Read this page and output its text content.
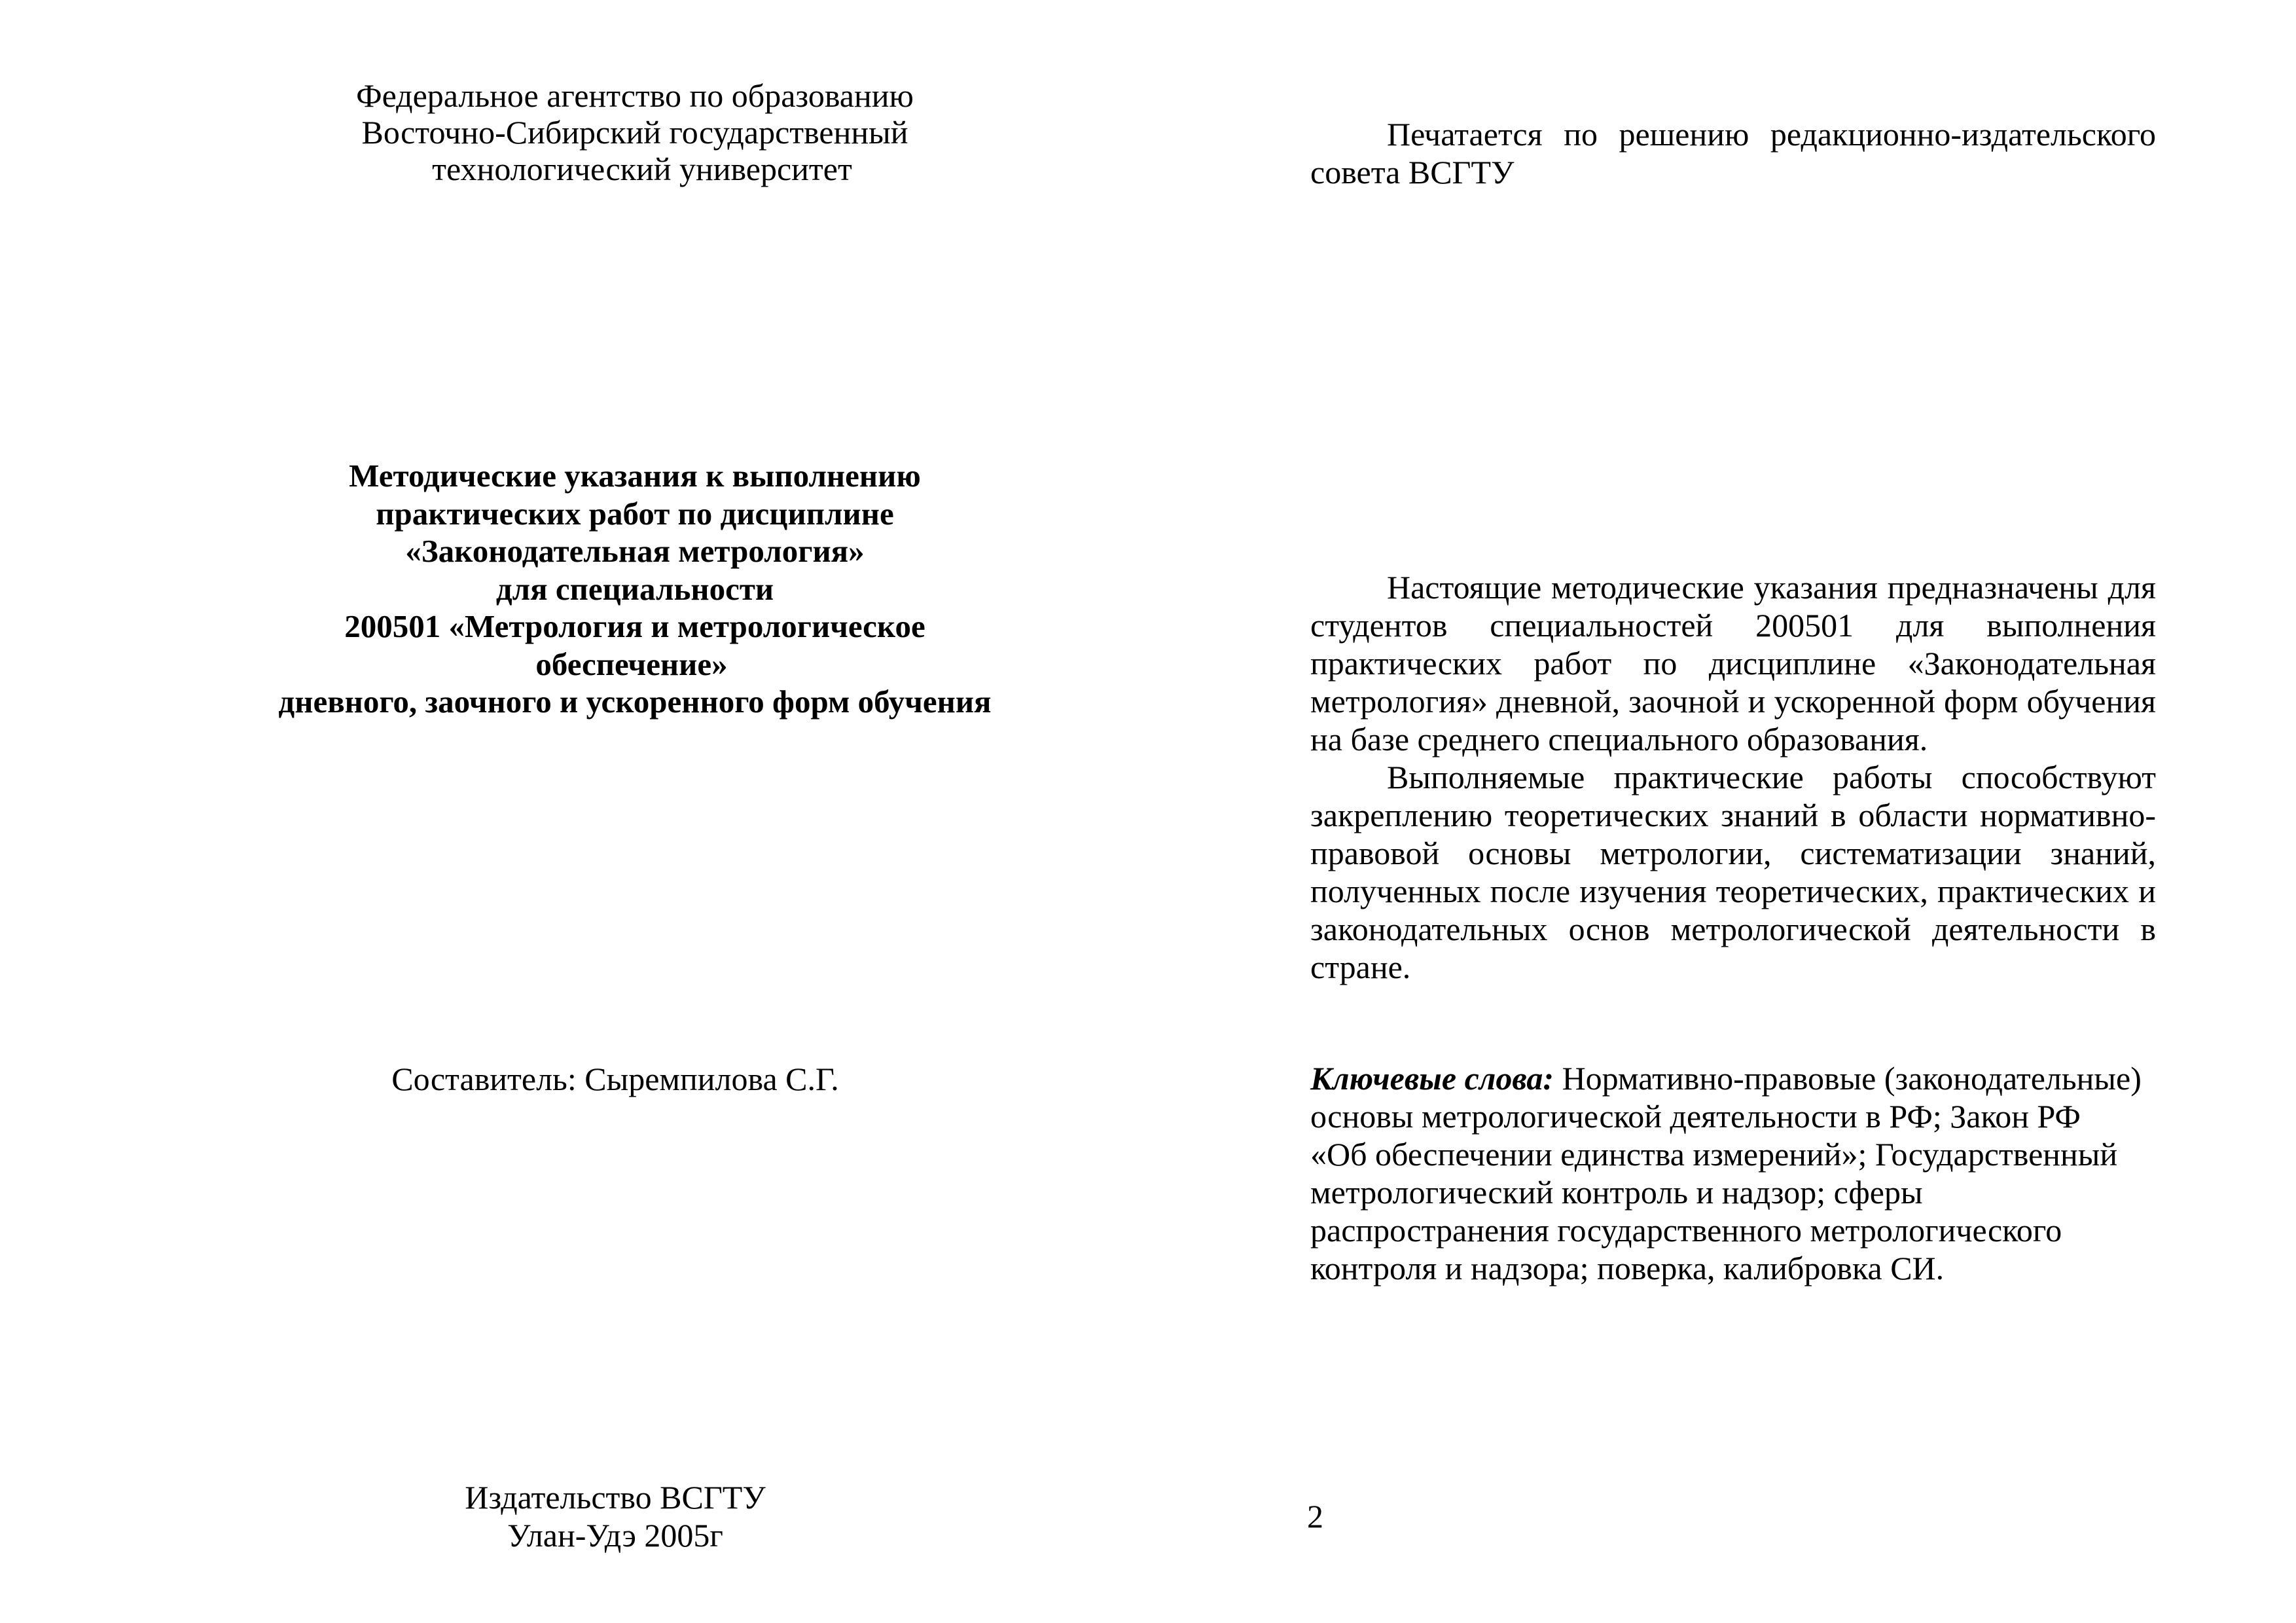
Федеральное агентство по образованию
Восточно-Сибирский государственный
технологический университет
Методические указания к выполнению
практических работ по дисциплине
«Законодательная метрология»
для специальности
200501 «Метрология и метрологическое
обеспечение»
дневного, заочного и ускоренного форм обучения
Составитель: Сыремпилова С.Г.
Издательство ВСГТУ
Улан-Удэ 2005г
Печатается по решению редакционно-издательского совета ВСГТУ

Настоящие методические указания предназначены для студентов специальностей 200501 для выполнения практических работ по дисциплине «Законодательная метрология» дневной, заочной и ускоренной форм обучения на базе среднего специального образования.

Выполняемые практические работы способствуют закреплению теоретических знаний в области нормативно-правовой основы метрологии, систематизации знаний, полученных после изучения теоретических, практических и законодательных основ метрологической деятельности в стране.

Ключевые слова: Нормативно-правовые (законодательные)
основы метрологической деятельности в РФ; Закон РФ
«Об обеспечении единства измерений»; Государственный
метрологический контроль и надзор; сферы
распространения государственного метрологического
контроля и надзора; поверка, калибровка СИ.
2
